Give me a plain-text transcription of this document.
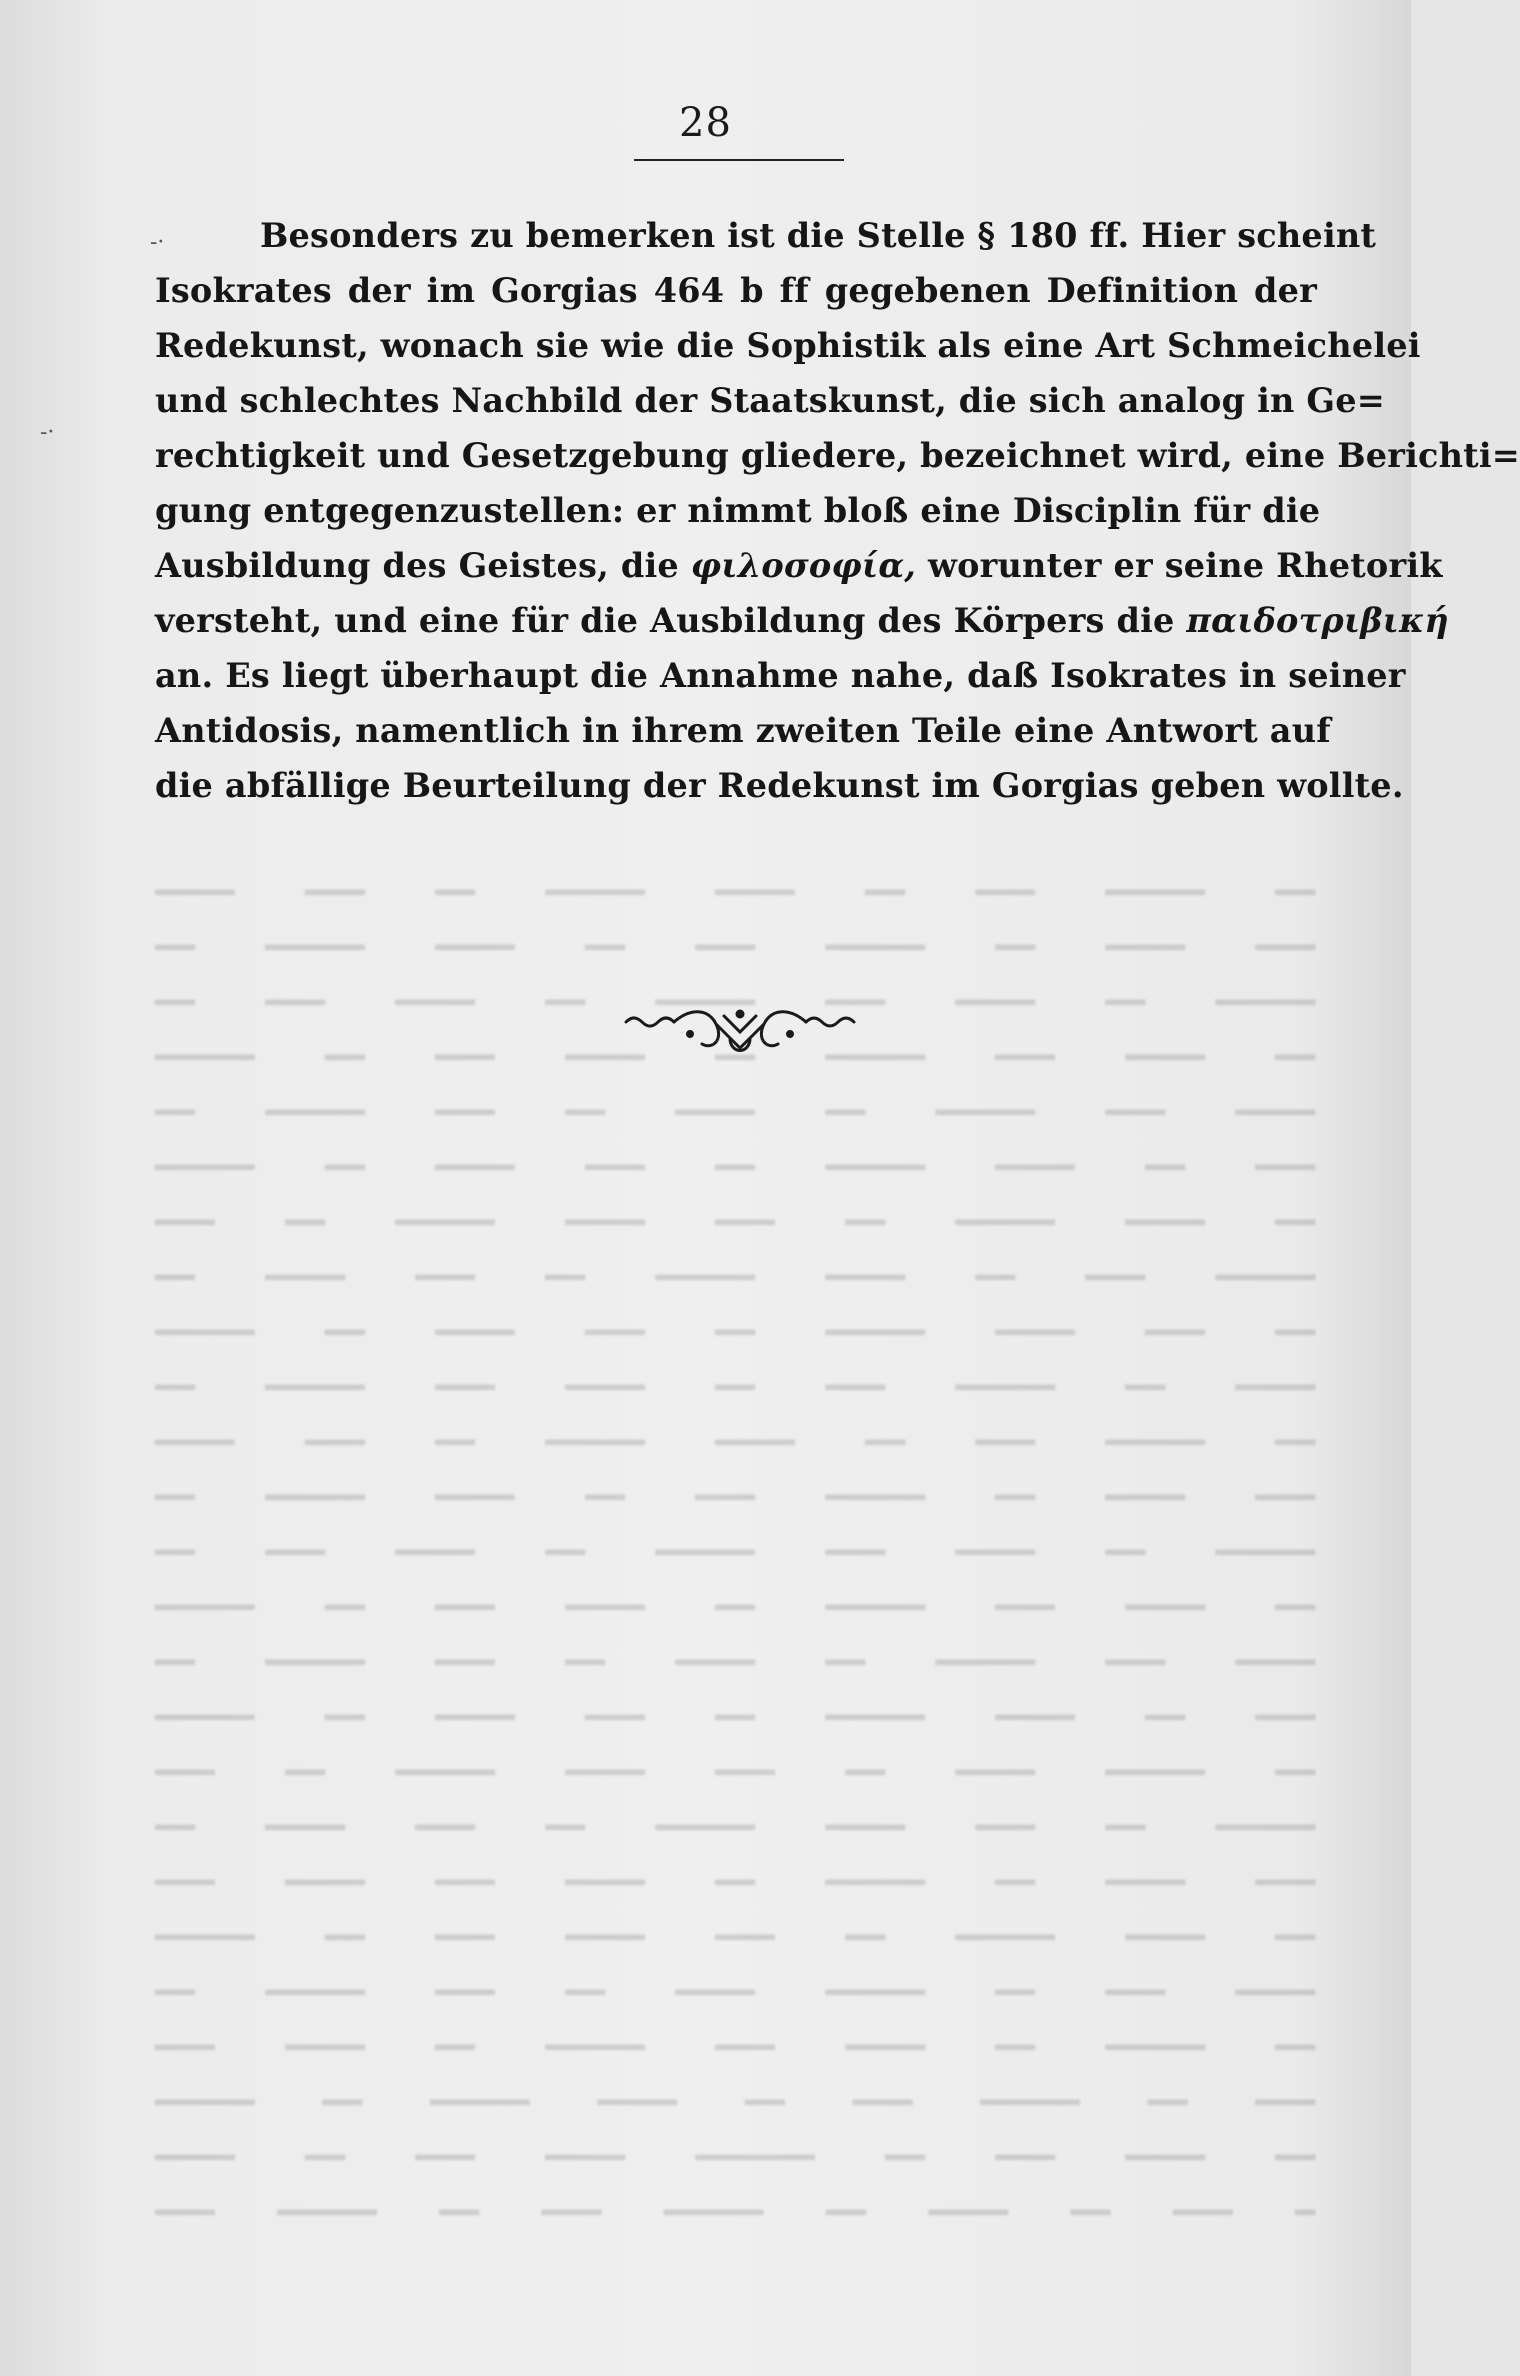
━ ━━━ ━━ ━━━━ ━━ ━━━━━ ━━━ ━━ ━━━━━ ━━━
━━ ━━━━ ━━━ ━━ ━━━━━━ ━━━━ ━━━ ━━ ━━━━
━━━ ━━ ━━━━━ ━━━ ━━ ━━━━ ━━━━━ ━━ ━━━━━
━━ ━━━━━ ━━ ━━━━ ━━━ ━━━━━ ━━ ━━━━ ━━━
━━━━ ━━━ ━━ ━━━━━ ━━━━ ━━ ━━━ ━━━━━ ━━
━━ ━━━━ ━━━━━ ━━ ━━━ ━━━━ ━━━ ━━ ━━━━━
━━━ ━━━━ ━━ ━━━━━ ━━ ━━━━ ━━━ ━━━━ ━━━
━━━━━ ━━ ━━━ ━━━━ ━━━━━ ━━ ━━━ ━━━━ ━━
━━ ━━━━━ ━━━━ ━━ ━━━ ━━━━ ━━━━━ ━━ ━━━
━━━ ━━ ━━━━ ━━━━━ ━━ ━━━ ━━━━ ━━ ━━━━━
━━━━ ━━━ ━━━━━ ━━ ━━━━ ━━ ━━━ ━━━━━ ━━
━━ ━━━━ ━━━ ━━━━━ ━━ ━━━━ ━━━ ━━ ━━━━━
━━━━━ ━━ ━━━━ ━━━ ━━━━━ ━━ ━━━━ ━━━ ━━
━━━ ━━━━ ━━ ━━━━━ ━━━ ━━ ━━━━ ━━━━━ ━━
━━ ━━━━━ ━━━ ━━ ━━━━ ━━━━━ ━━ ━━━ ━━━━
━━━━ ━━ ━━━━━ ━━━ ━━ ━━━━ ━━━ ━━━━━ ━━
━━ ━━━ ━━━━ ━━━━━ ━━ ━━━ ━━━━ ━━ ━━━━━
━━━━━ ━━━ ━━ ━━━━ ━━━━━ ━━ ━━━ ━━━━ ━━
━━ ━━━━ ━━━━━ ━━ ━━━ ━━━━ ━━━━━ ━━ ━━━
━━━ ━━ ━━━━ ━━━━━ ━━ ━━━ ━━━━ ━━ ━━━━━
━━━━ ━━━ ━━━━━ ━━ ━━━━ ━━ ━━━ ━━━━━ ━━
━━ ━━━━ ━━━ ━━━━━ ━━ ━━━━ ━━━ ━━ ━━━━━
━━━━━ ━━ ━━━━ ━━━ ━━━━━ ━━ ━━━━ ━━━ ━━
━━━ ━━━━ ━━ ━━━━━ ━━━ ━━ ━━━━ ━━━━━ ━━
━━ ━━━━━ ━━━ ━━ ━━━━ ━━━━━ ━━ ━━━ ━━━━
28
-·
-·
Besonders zu bemerken ist die Stelle § 180 ff. Hier scheint
Isokrates der im Gorgias 464 b ff gegebenen Definition der
Redekunst, wonach sie wie die Sophistik als eine Art Schmeichelei
und schlechtes Nachbild der Staatskunst, die sich analog in Ge=
rechtigkeit und Gesetzgebung gliedere, bezeichnet wird, eine Berichti=
gung entgegenzustellen: er nimmt bloß eine Disciplin für die
Ausbildung des Geistes, die φιλοσοφία, worunter er seine Rhetorik
versteht, und eine für die Ausbildung des Körpers die παιδοτριβική
an. Es liegt überhaupt die Annahme nahe, daß Isokrates in seiner
Antidosis, namentlich in ihrem zweiten Teile eine Antwort auf
die abfällige Beurteilung der Redekunst im Gorgias geben wollte.
